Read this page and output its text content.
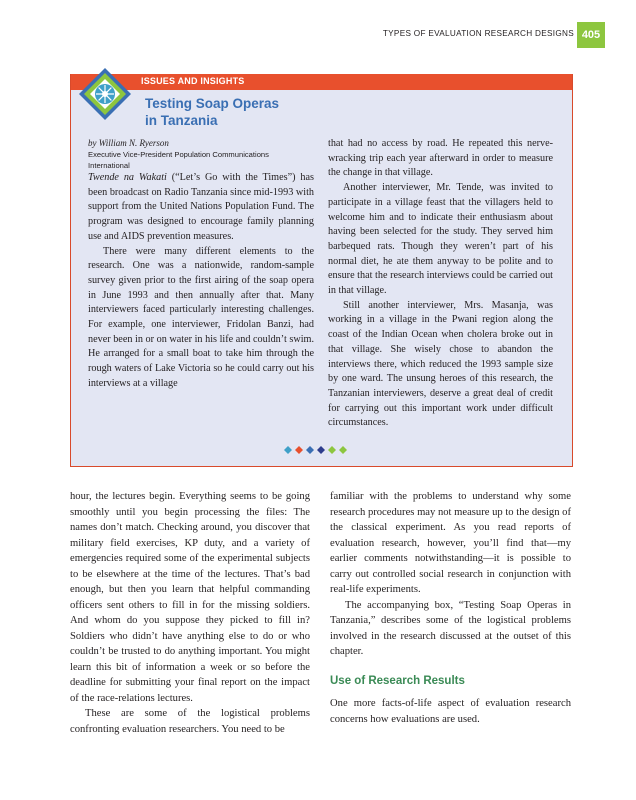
TYPES OF EVALUATION RESEARCH DESIGNS 405
ISSUES AND INSIGHTS
Testing Soap Operas
in Tanzania

by William N. Ryerson

Executive Vice-President Population Communications
International

Twende na Wakati (“Let’s Go with the Times”) has been broadcast on Radio Tanzania since mid-1993 with support from the United Nations Population Fund. The program was designed to encourage family planning use and AIDS prevention measures.

There were many different elements to the research. One was a nationwide, random-sample survey given prior to the first airing of the soap opera in June 1993 and then annually after that. Many interviewers faced particularly interesting challenges. For example, one interviewer, Fridolan Banzi, had never been in or on water in his life and couldn’t swim. He arranged for a small boat to take him through the rough waters of Lake Victoria so he could carry out his interviews at a village

that had no access by road. He repeated this nerve-wracking trip each year afterward in order to measure the change in that village.

Another interviewer, Mr. Tende, was invited to participate in a village feast that the villagers held to welcome him and to indicate their enthusiasm about having been selected for the study. They served him barbequed rats. Though they weren’t part of his normal diet, he ate them anyway to be polite and to ensure that the research interviews could be carried out in that village.

Still another interviewer, Mrs. Masanja, was working in a village in the Pwani region along the coast of the Indian Ocean when cholera broke out in that village. She wisely chose to abandon the interviews there, which reduced the 1993 sample size by one ward. The unsung heroes of this research, the Tanzanian interviewers, deserve a great deal of credit for carrying out this important work under difficult circumstances.

hour, the lectures begin. Everything seems to be going smoothly until you begin processing the files: The names don’t match. Checking around, you discover that military field exercises, KP duty, and a variety of emergencies required some of the experimental subjects to be elsewhere at the time of the lectures. That’s bad enough, but then you learn that helpful commanding officers sent others to fill in for the missing soldiers. And whom do you suppose they picked to fill in? Soldiers who didn’t have anything else to do or who couldn’t be trusted to do anything important. You might learn this bit of information a week or so before the deadline for submitting your final report on the impact of the race-relations lectures.

These are some of the logistical problems confronting evaluation researchers. You need to be

familiar with the problems to understand why some research procedures may not measure up to the design of the classical experiment. As you read reports of evaluation research, however, you’ll find that—my earlier comments notwithstanding—it is possible to carry out controlled social research in conjunction with real-life experiments.

The accompanying box, “Testing Soap Operas in Tanzania,” describes some of the logistical problems involved in the research discussed at the outset of this chapter.

Use of Research Results

One more facts-of-life aspect of evaluation research concerns how evaluations are used.
